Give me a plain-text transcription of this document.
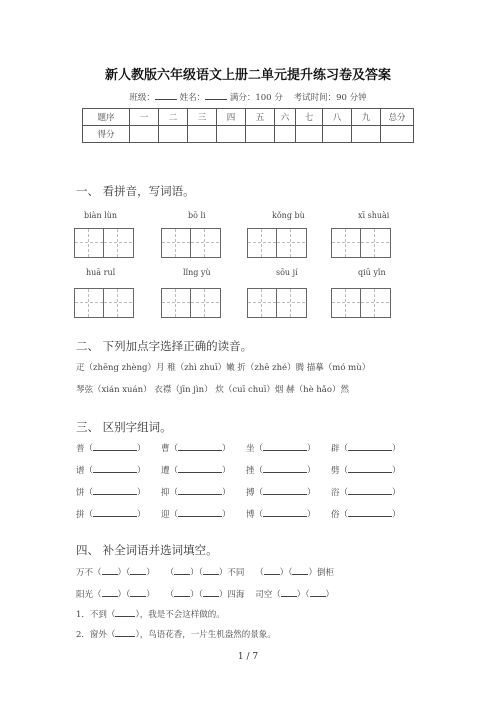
新人教版六年级语文上册二单元提升练习卷及答案
班级：	姓名：	满分：100 分 考试时间：90 分钟
题序	一	二	三	四	五	六	七	八	九	总分
得分										
一、 看拼音，写词语。
biàn lùn	bō li	kǒng bù	xī shuài
huā ruǐ	lǐng yù	sōu jí	qiū yǐn
二、 下列加点字选择正确的读音。
疋（zhēng zhèng）月 稚（zhì zhuī）嫩 折（zhē zhé）腾 描摹（mó mù）
琴弦（xián xuán） 衣襟（jīn jìn） 炊（cuī chuī）烟 赫（hè hǎo）然
三、 区别字组词。
普（	） 曹（	） 坐（	） 辟（	）
谱（	） 遭（	） 挫（	） 劈（	）
饼（	） 抑（	） 搏（	） 浴（	）
拼（	） 迎（	） 博（	） 俗（	）
四、 补全词语并选词填空。
万不（ ）（ ）    （ ）（ ）不同    （ ）（ ）倒柜
阳光（ ）（ ）    （ ）（ ）四海 司空（ ）（ ）
1．不到（ ），我是不会这样做的。
2．窗外（ ），鸟语花香，一片生机盎然的景象。
1 / 7
